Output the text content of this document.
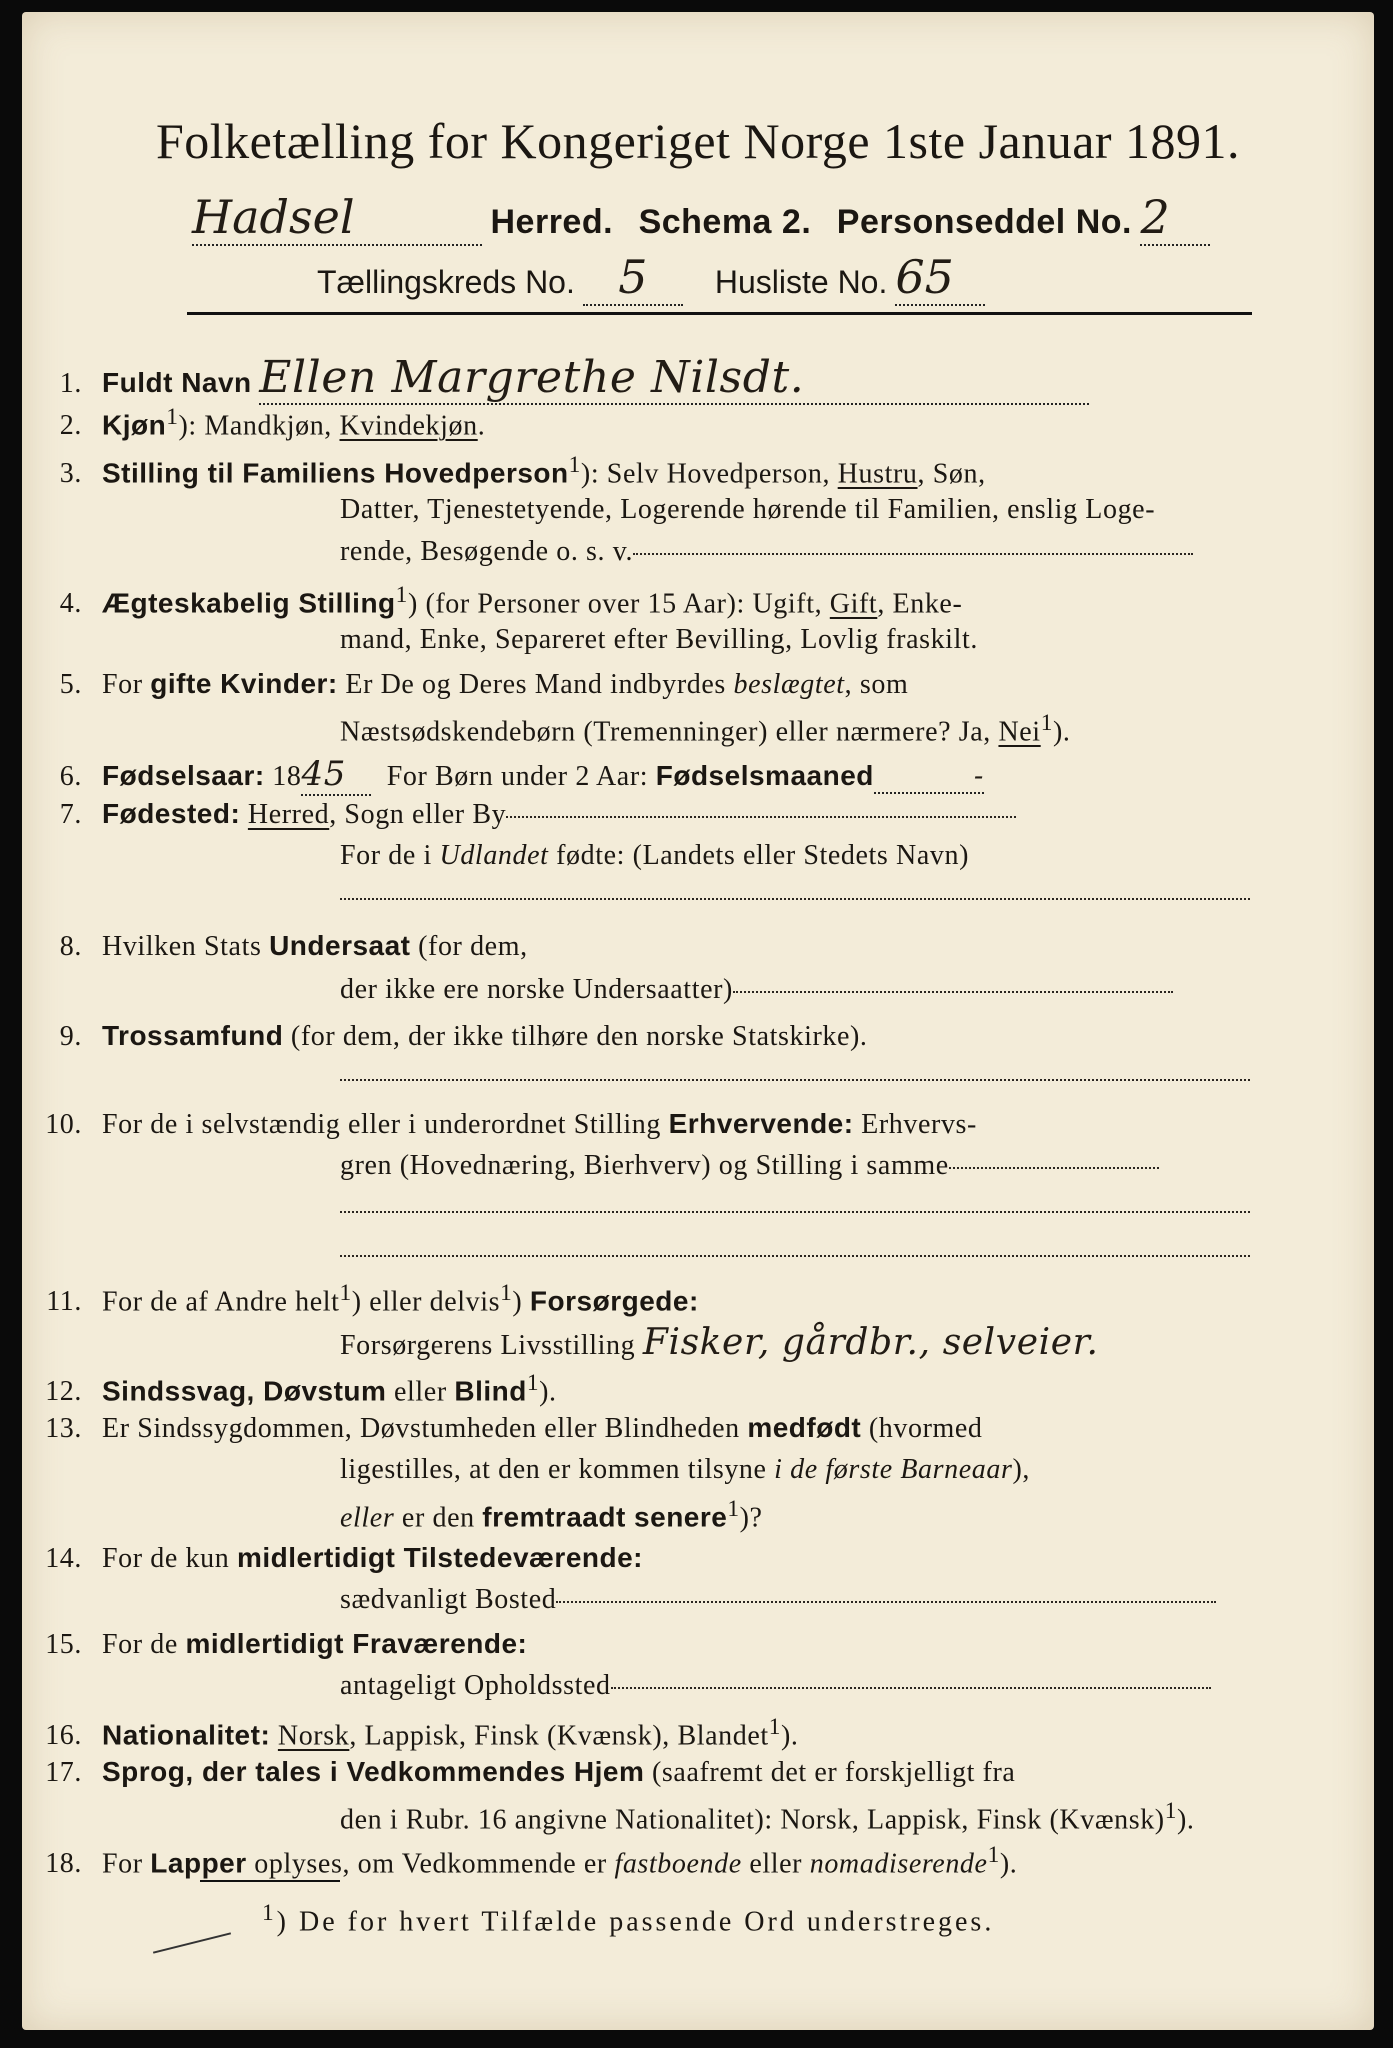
Folketælling for Kongeriget Norge 1ste Januar 1891.
Hadsel	Herred. Schema 2. Personseddel No. 2
Tællingskreds No. 5 Husliste No. 65
1. Fuldt Navn Ellen Margrethe Nilsdt.
2. Kjøn$^1$): Mandkjøn, Kvindekjøn.
3. Stilling til Familiens Hovedperson$^1$): Selv Hovedperson, Hustru, Søn,
Datter, Tjenestetyende, Logerende hørende til Familien, enslig Loge-
rende, Besøgende o. s. v.
4. Ægteskabelig Stilling$^1$) (for Personer over 15 Aar): Ugift, Gift, Enke-
mand, Enke, Separeret efter Bevilling, Lovlig fraskilt.
5. For gifte Kvinder: Er De og Deres Mand indbyrdes beslægtet, som
Næstsødskendebørn (Tremenninger) eller nærmere? Ja, Nei$^1$).
6. Fødselsaar: 1845 For Børn under 2 Aar: Fødselsmaaned	-
7. Fødested: Herred, Sogn eller By
For de i Udlandet fødte: (Landets eller Stedets Navn)
8. Hvilken Stats Undersaat (for dem,
der ikke ere norske Undersaatter)
9. Trossamfund (for dem, der ikke tilhøre den norske Statskirke).
10. For de i selvstændig eller i underordnet Stilling Erhvervende: Erhvervs-
gren (Hovednæring, Bierhverv) og Stilling i samme
11. For de af Andre helt$^1$) eller delvis$^1$) Forsørgede:
Forsørgerens Livsstilling Fisker, gårdbr., selveier.
12. Sindssvag, Døvstum eller Blind$^1$).
13. Er Sindssygdommen, Døvstumheden eller Blindheden medfødt (hvormed
ligestilles, at den er kommen tilsyne i de første Barneaar),
eller er den fremtraadt senere$^1$)?
14. For de kun midlertidigt Tilstedeværende:
sædvanligt Bosted
15. For de midlertidigt Fraværende:
antageligt Opholdssted
16. Nationalitet: Norsk, Lappisk, Finsk (Kvænsk), Blandet$^1$).
17. Sprog, der tales i Vedkommendes Hjem (saafremt det er forskjelligt fra
den i Rubr. 16 angivne Nationalitet): Norsk, Lappisk, Finsk (Kvænsk)$^1$).
18. For Lapper oplyses, om Vedkommende er fastboende eller nomadiserende$^1$).
$^1$) De for hvert Tilfælde passende Ord understreges.
